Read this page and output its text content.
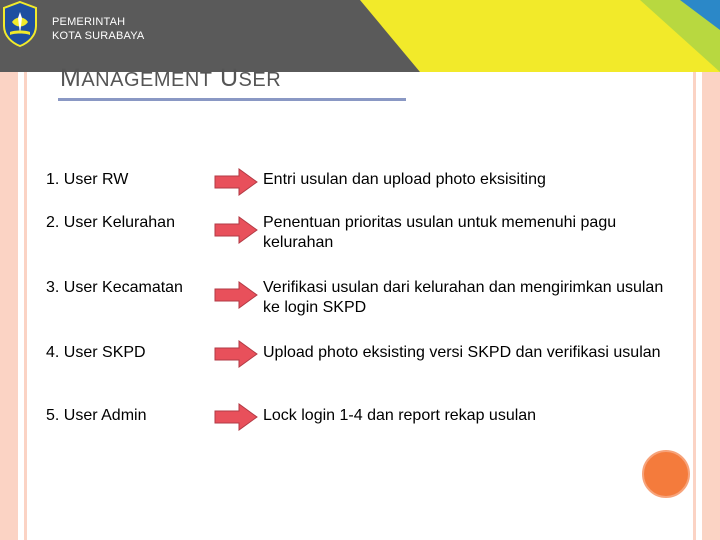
PEMERINTAH
KOTA SURABAYA
MANAGEMENT USER
1. User RW	Entri usulan dan upload photo eksisiting
2. User Kelurahan	Penentuan prioritas usulan untuk memenuhi pagu kelurahan
3. User Kecamatan	Verifikasi usulan dari kelurahan dan mengirimkan usulan ke login SKPD
4. User SKPD	Upload photo eksisting versi SKPD dan verifikasi usulan
5. User Admin	Lock login 1-4 dan report rekap usulan
